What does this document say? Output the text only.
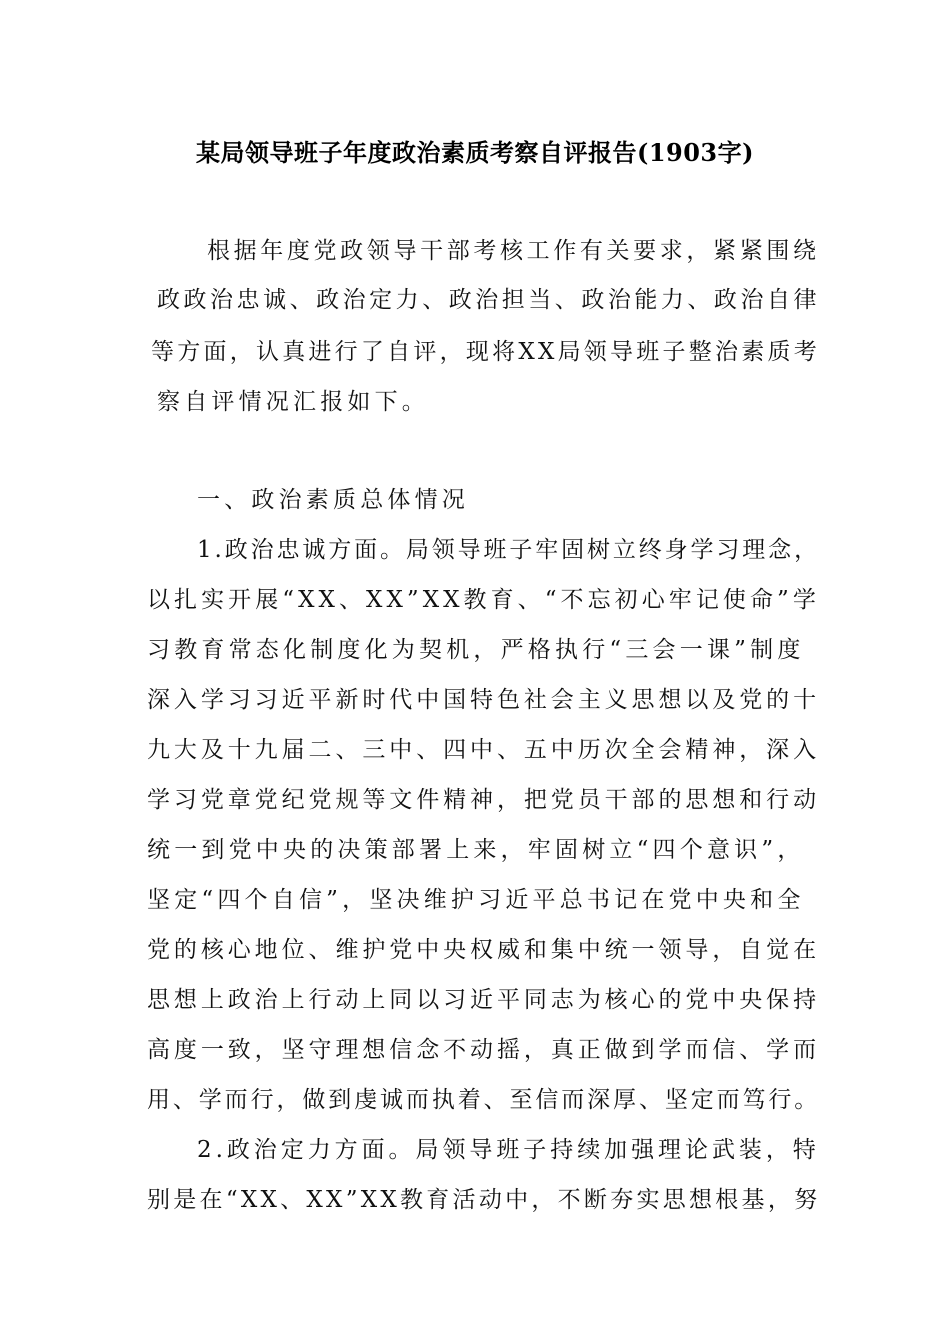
某局领导班子年度政治素质考察自评报告(1903字)
根据年度党政领导干部考核工作有关要求，紧紧围绕
政政治忠诚、政治定力、政治担当、政治能力、政治自律
等方面，认真进行了自评，现将XX局领导班子整治素质考
察自评情况汇报如下。
一、政治素质总体情况
1.政治忠诚方面。局领导班子牢固树立终身学习理念，
以扎实开展“XX、XX”XX教育、“不忘初心牢记使命”学
习教育常态化制度化为契机，严格执行“三会一课”制度
深入学习习近平新时代中国特色社会主义思想以及党的十
九大及十九届二、三中、四中、五中历次全会精神，深入
学习党章党纪党规等文件精神，把党员干部的思想和行动
统一到党中央的决策部署上来，牢固树立“四个意识”，
坚定“四个自信”，坚决维护习近平总书记在党中央和全
党的核心地位、维护党中央权威和集中统一领导，自觉在
思想上政治上行动上同以习近平同志为核心的党中央保持
高度一致，坚守理想信念不动摇，真正做到学而信、学而
用、学而行，做到虔诚而执着、至信而深厚、坚定而笃行。
2.政治定力方面。局领导班子持续加强理论武装，特
别是在“XX、XX”XX教育活动中，不断夯实思想根基，努
